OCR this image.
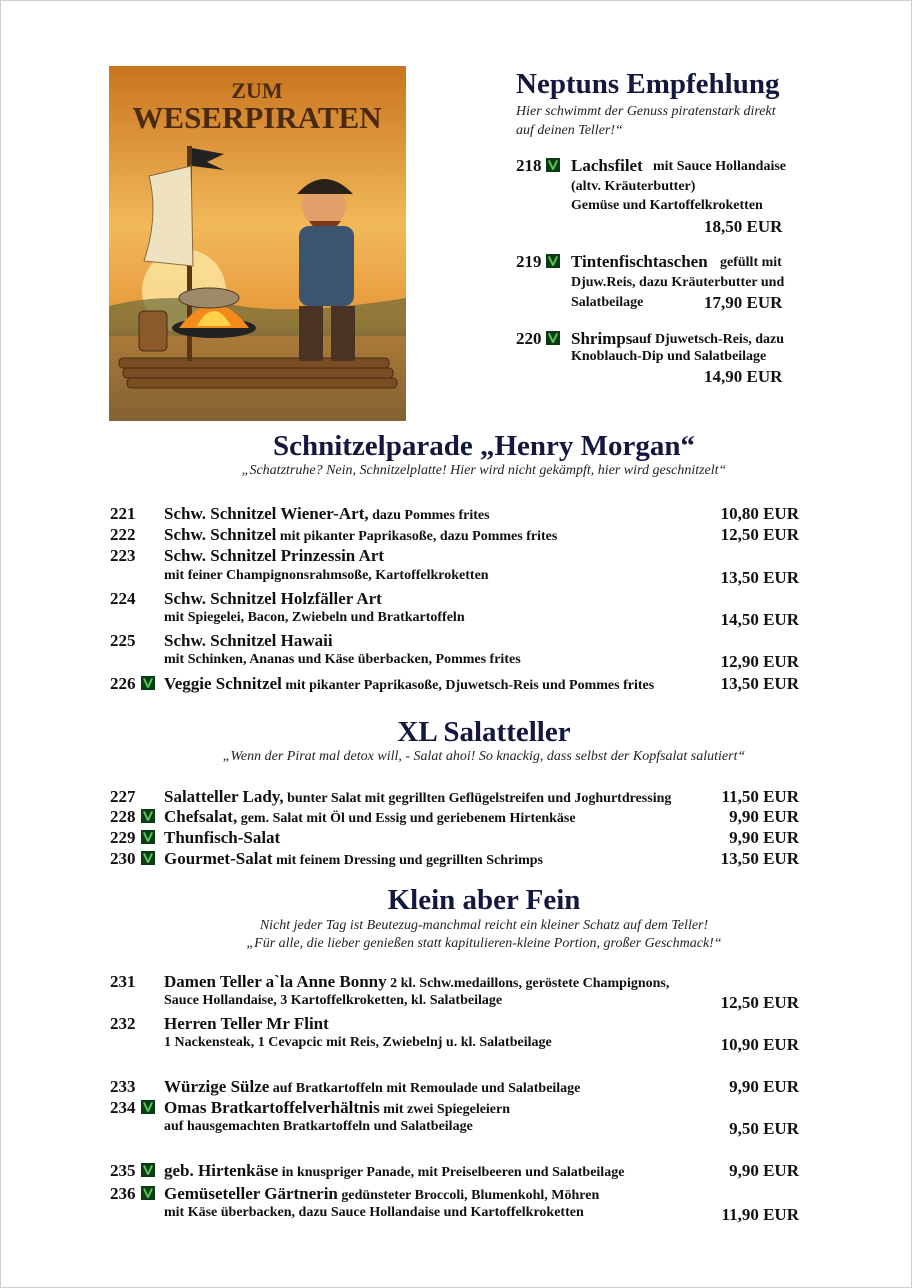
ZUM
WESERPIRATEN
Neptuns Empfehlung
Hier schwimmt der Genuss piratenstark direkt
auf deinen Teller!“
218 Lachsfilet mit Sauce Hollandaise
(altv. Kräuterbutter)
Gemüse und Kartoffelkroketten
18,50 EUR
219 Tintenfischtaschen gefüllt mit
Djuw.Reis, dazu Kräuterbutter und
Salatbeilage	17,90 EUR
220 Shrimps auf Djuwetsch-Reis, dazu
Knoblauch-Dip und Salatbeilage
14,90 EUR
Schnitzelparade „Henry Morgan“
„Schatztruhe? Nein, Schnitzelplatte! Hier wird nicht gekämpft, hier wird geschnitzelt“
221 Schw. Schnitzel Wiener-Art, dazu Pommes frites	10,80 EUR
222 Schw. Schnitzel mit pikanter Paprikasoße, dazu Pommes frites	12,50 EUR
223 Schw. Schnitzel Prinzessin Art
mit feiner Champignonsrahmsoße, Kartoffelkroketten	13,50 EUR
224 Schw. Schnitzel Holzfäller Art
mit Spiegelei, Bacon, Zwiebeln und Bratkartoffeln	14,50 EUR
225 Schw. Schnitzel Hawaii
mit Schinken, Ananas und Käse überbacken, Pommes frites	12,90 EUR
226 Veggie Schnitzel mit pikanter Paprikasoße, Djuwetsch-Reis und Pommes frites	13,50 EUR
XL Salatteller
„Wenn der Pirat mal detox will, - Salat ahoi! So knackig, dass selbst der Kopfsalat salutiert“
227 Salatteller Lady, bunter Salat mit gegrillten Geflügelstreifen und Joghurtdressing	11,50 EUR
228 Chefsalat, gem. Salat mit Öl und Essig und geriebenem Hirtenkäse	9,90 EUR
229 Thunfisch-Salat	9,90 EUR
230 Gourmet-Salat mit feinem Dressing und gegrillten Schrimps	13,50 EUR
Klein aber Fein
Nicht jeder Tag ist Beutezug-manchmal reicht ein kleiner Schatz auf dem Teller!
„Für alle, die lieber genießen statt kapitulieren-kleine Portion, großer Geschmack!“
231 Damen Teller a`la Anne Bonny 2 kl. Schw.medaillons, geröstete Champignons,
Sauce Hollandaise, 3 Kartoffelkroketten, kl. Salatbeilage	12,50 EUR
232 Herren Teller Mr Flint
1 Nackensteak, 1 Cevapcic mit Reis, Zwiebelnj u. kl. Salatbeilage	10,90 EUR
233 Würzige Sülze auf Bratkartoffeln mit Remoulade und Salatbeilage	9,90 EUR
234 Omas Bratkartoffelverhältnis mit zwei Spiegeleiern
auf hausgemachten Bratkartoffeln und Salatbeilage	9,50 EUR
235 geb. Hirtenkäse in knuspriger Panade, mit Preiselbeeren und Salatbeilage	9,90 EUR
236 Gemüseteller Gärtnerin gedünsteter Broccoli, Blumenkohl, Möhren
mit Käse überbacken, dazu Sauce Hollandaise und Kartoffelkroketten	11,90 EUR
